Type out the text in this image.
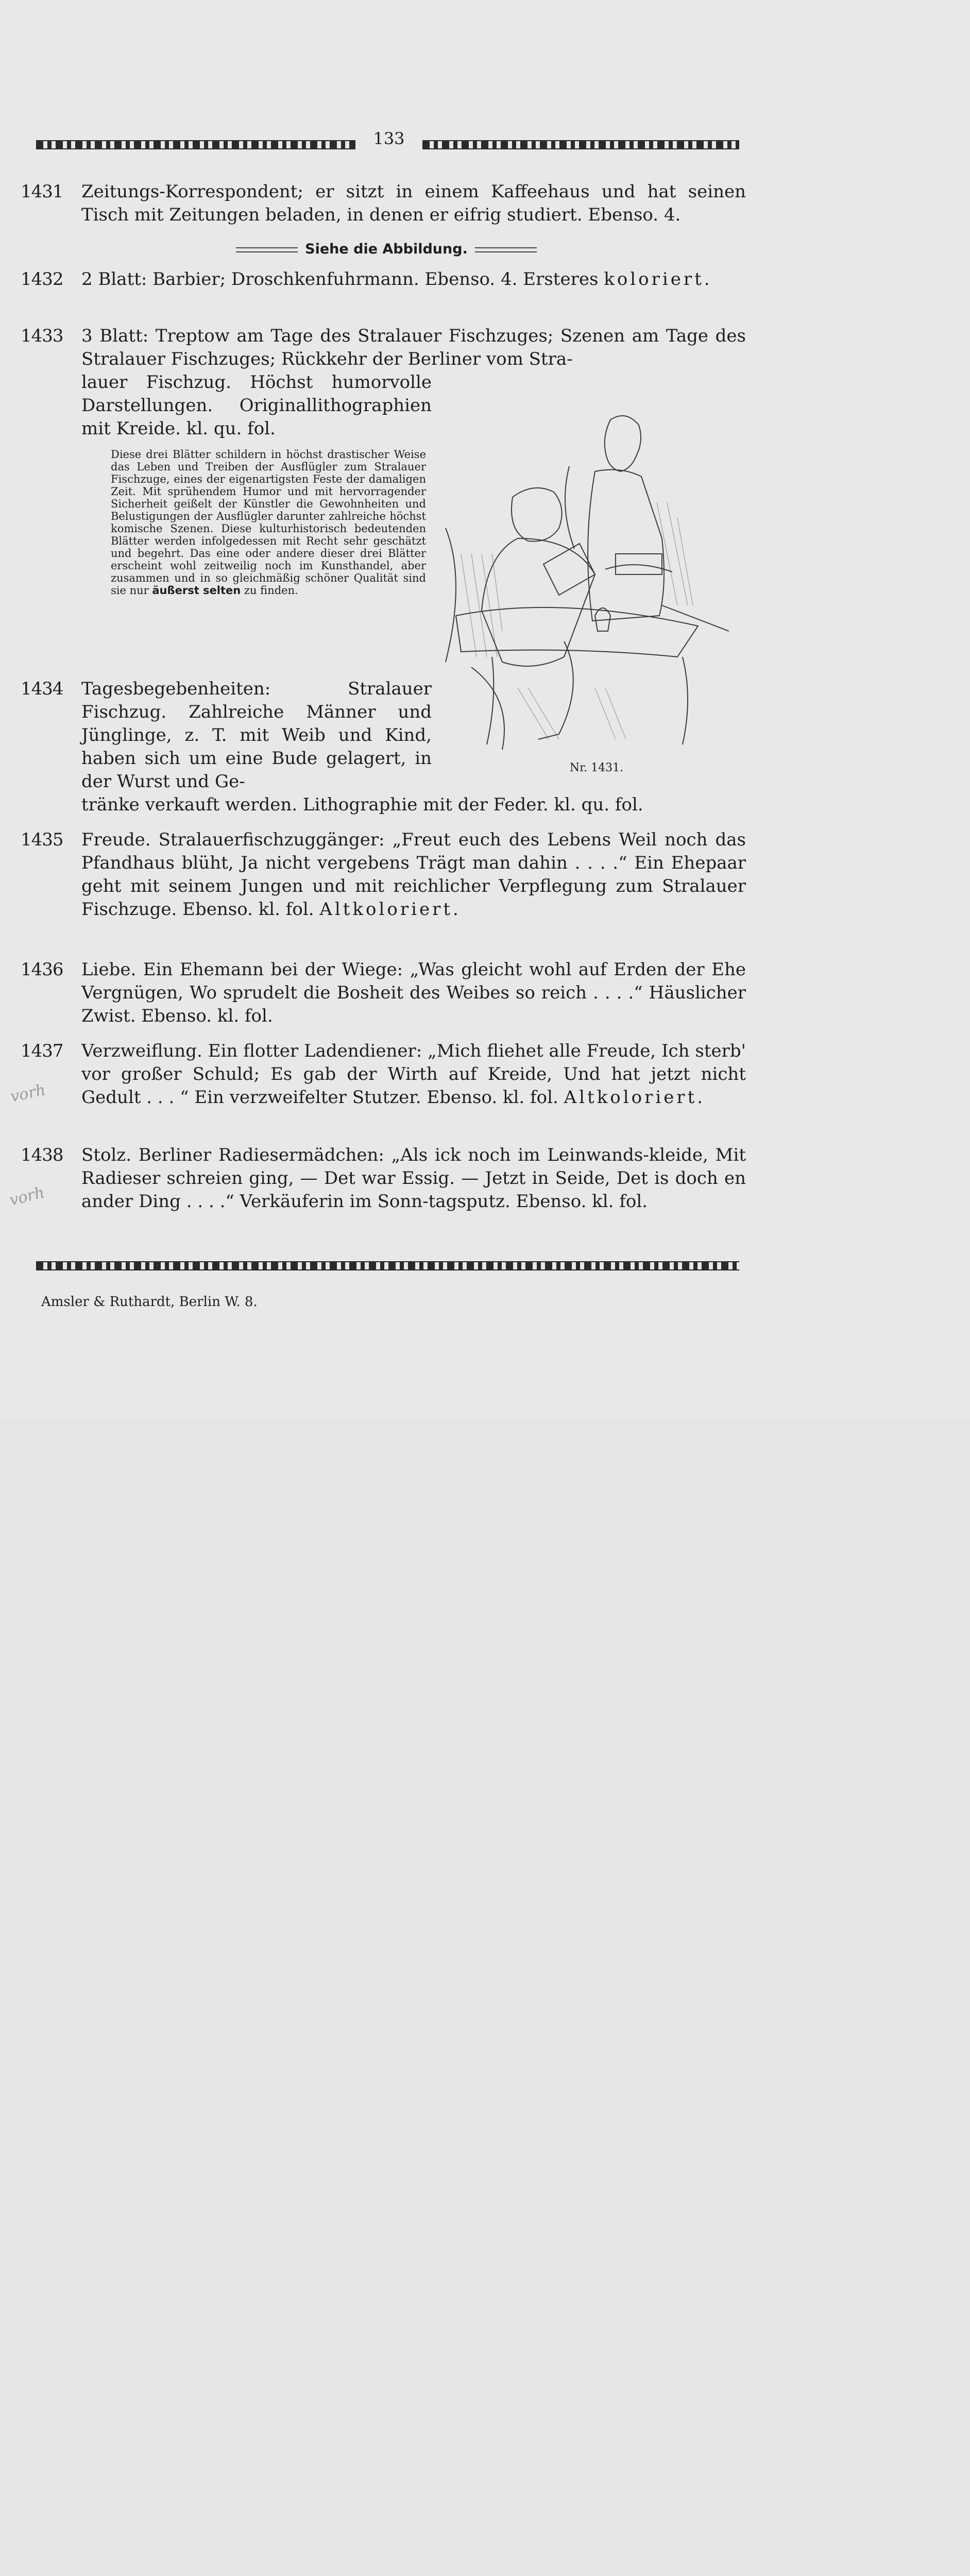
133
1431	Zeitungs-Korrespondent; er sitzt in einem Kaffeehaus und hat seinen Tisch mit Zeitungen beladen, in denen er eifrig studiert. Ebenso. 4.
Siehe die Abbildung.
1432	2 Blatt: Barbier; Droschkenfuhrmann. Ebenso. 4. Ersteres koloriert.
1433	3 Blatt: Treptow am Tage des Stralauer Fischzuges; Szenen am Tage des Stralauer Fischzuges; Rückkehr der Berliner vom Stra-
lauer Fischzug. Höchst humorvolle Darstellungen. Originallithographien mit Kreide. kl. qu. fol.
Diese drei Blätter schildern in höchst drastischer Weise das Leben und Treiben der Ausflügler zum Stralauer Fischzuge, eines der eigenartigsten Feste der damaligen Zeit. Mit sprühendem Humor und mit hervorragender Sicherheit geißelt der Künstler die Gewohnheiten und Belustigungen der Ausflügler darunter zahlreiche höchst komische Szenen. Diese kulturhistorisch bedeutenden Blätter werden infolgedessen mit Recht sehr geschätzt und begehrt. Das eine oder andere dieser drei Blätter erscheint wohl zeitweilig noch im Kunsthandel, aber zusammen und in so gleichmäßig schöner Qualität sind sie nur äußerst selten zu finden.
Nr. 1431.
1434	Tagesbegebenheiten: Stralauer Fischzug. Zahlreiche Männer und Jünglinge, z. T. mit Weib und Kind, haben sich um eine Bude gelagert, in der Wurst und Ge-
tränke verkauft werden. Lithographie mit der Feder. kl. qu. fol.
1435	Freude. Stralauerfischzuggänger: „Freut euch des Lebens Weil noch das Pfandhaus blüht, Ja nicht vergebens Trägt man dahin . . . .“ Ein Ehepaar geht mit seinem Jungen und mit reichlicher Verpflegung zum Stralauer Fischzuge. Ebenso. kl. fol. Altkoloriert.
1436	Liebe. Ein Ehemann bei der Wiege: „Was gleicht wohl auf Erden der Ehe Vergnügen, Wo sprudelt die Bosheit des Weibes so reich . . . .“ Häuslicher Zwist. Ebenso. kl. fol.
1437	Verzweiflung. Ein flotter Ladendiener: „Mich fliehet alle Freude, Ich sterb' vor großer Schuld; Es gab der Wirth auf Kreide, Und hat jetzt nicht Gedult . . . “ Ein verzweifelter Stutzer. Ebenso. kl. fol. Altkoloriert.
vorh
1438	Stolz. Berliner Radiesermädchen: „Als ick noch im Leinwands-kleide, Mit Radieser schreien ging, — Det war Essig. — Jetzt in Seide, Det is doch en ander Ding . . . .“ Verkäuferin im Sonn-tagsputz. Ebenso. kl. fol.
vorh
Amsler & Ruthardt, Berlin W. 8.
